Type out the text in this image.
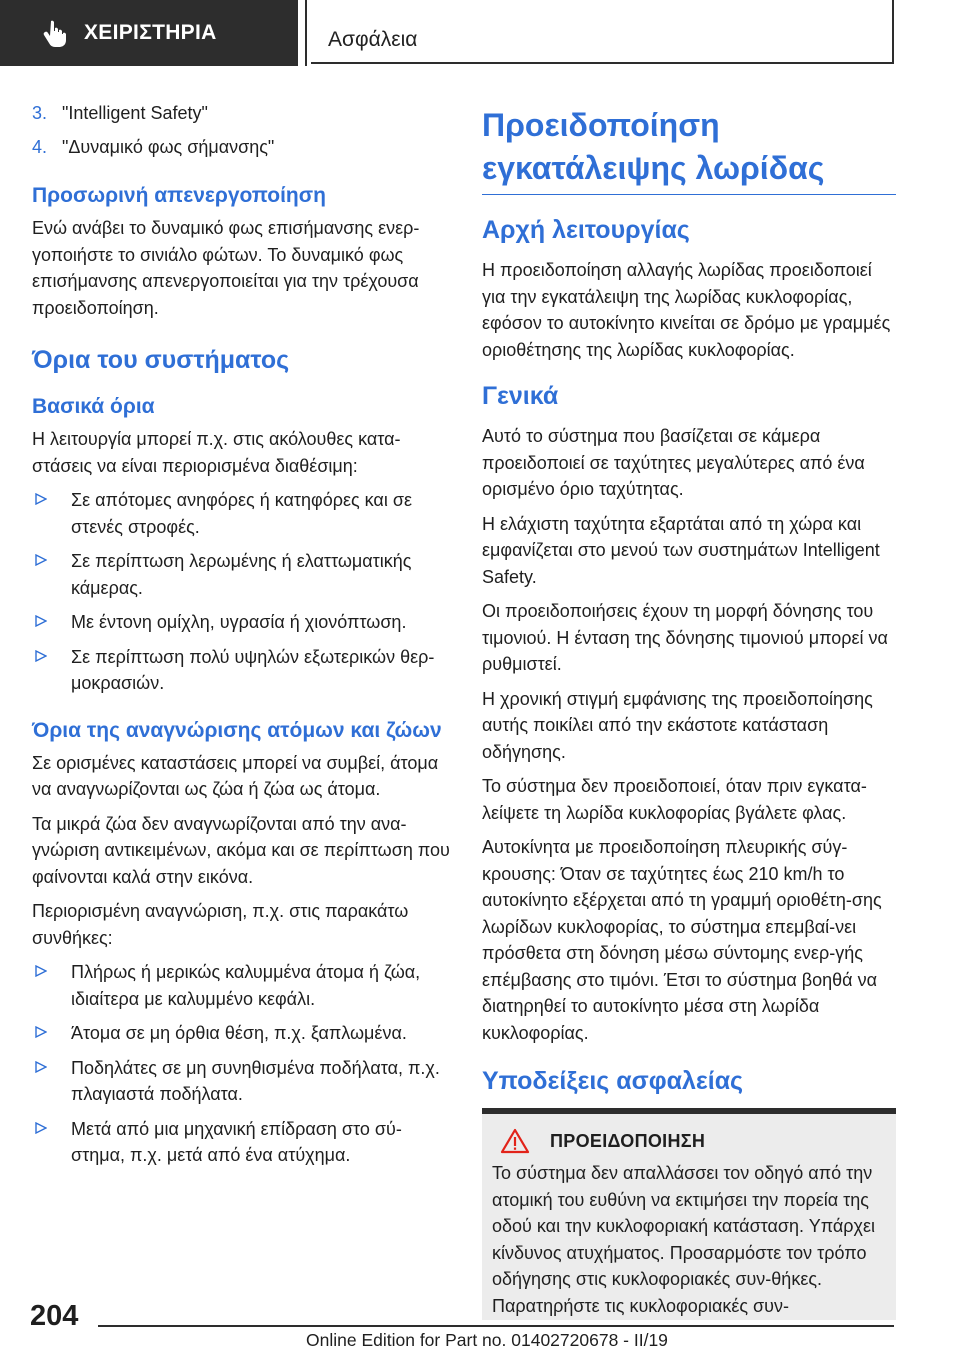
ΧΕΙΡΙΣΤΗΡΙΑ	Ασφάλεια
3. "Intelligent Safety"
4. "Δυναμικό φως σήμανσης"
Προσωρινή απενεργοποίηση

Ενώ ανάβει το δυναμικό φως επισήμανσης ενερ-γοποιήστε το σινιάλο φώτων. Το δυναμικό φως επισήμανσης απενεργοποιείται για την τρέχουσα προειδοποίηση.

Όρια του συστήματος
Βασικά όρια

Η λειτουργία μπορεί π.χ. στις ακόλουθες κατα-στάσεις να είναι περιορισμένα διαθέσιμη:

Σε απότομες ανηφόρες ή κατηφόρες και σε στενές στροφές.
Σε περίπτωση λερωμένης ή ελαττωματικής κάμερας.
Με έντονη ομίχλη, υγρασία ή χιονόπτωση.
Σε περίπτωση πολύ υψηλών εξωτερικών θερ-μοκρασιών.
Όρια της αναγνώρισης ατόμων και ζώων

Σε ορισμένες καταστάσεις μπορεί να συμβεί, άτομα να αναγνωρίζονται ως ζώα ή ζώα ως άτομα.

Τα μικρά ζώα δεν αναγνωρίζονται από την ανα-γνώριση αντικειμένων, ακόμα και σε περίπτωση που φαίνονται καλά στην εικόνα.

Περιορισμένη αναγνώριση, π.χ. στις παρακάτω συνθήκες:

Πλήρως ή μερικώς καλυμμένα άτομα ή ζώα, ιδιαίτερα με καλυμμένο κεφάλι.
Άτομα σε μη όρθια θέση, π.χ. ξαπλωμένα.
Ποδηλάτες σε μη συνηθισμένα ποδήλατα, π.χ. πλαγιαστά ποδήλατα.
Μετά από μια μηχανική επίδραση στο σύ-στημα, π.χ. μετά από ένα ατύχημα.
Προειδοποίηση εγκατάλειψης λωρίδας
Αρχή λειτουργίας

Η προειδοποίηση αλλαγής λωρίδας προειδοποιεί για την εγκατάλειψη της λωρίδας κυκλοφορίας, εφόσον το αυτοκίνητο κινείται σε δρόμο με γραμμές οριοθέτησης της λωρίδας κυκλοφορίας.

Γενικά

Αυτό το σύστημα που βασίζεται σε κάμερα προειδοποιεί σε ταχύτητες μεγαλύτερες από ένα ορισμένο όριο ταχύτητας.

Η ελάχιστη ταχύτητα εξαρτάται από τη χώρα και εμφανίζεται στο μενού των συστημάτων Intelligent Safety.

Οι προειδοποιήσεις έχουν τη μορφή δόνησης του τιμονιού. Η ένταση της δόνησης τιμονιού μπορεί να ρυθμιστεί.

Η χρονική στιγμή εμφάνισης της προειδοποίησης αυτής ποικίλει από την εκάστοτε κατάσταση οδήγησης.

Το σύστημα δεν προειδοποιεί, όταν πριν εγκατα-λείψετε τη λωρίδα κυκλοφορίας βγάλετε φλας.

Αυτοκίνητα με προειδοποίηση πλευρικής σύγ-κρουσης: Όταν σε ταχύτητες έως 210 km/h το αυτοκίνητο εξέρχεται από τη γραμμή οριοθέτη-σης λωρίδων κυκλοφορίας, το σύστημα επεμβαί-νει πρόσθετα στη δόνηση μέσω σύντομης ενερ-γής επέμβασης στο τιμόνι. Έτσι το σύστημα βοηθά να διατηρηθεί το αυτοκίνητο μέσα στη λωρίδα κυκλοφορίας.

Υποδείξεις ασφαλείας
ΠΡΟΕΙΔΟΠΟΙΗΣΗ

Το σύστημα δεν απαλλάσσει τον οδηγό από την ατομική του ευθύνη να εκτιμήσει την πορεία της οδού και την κυκλοφοριακή κατάσταση. Υπάρχει κίνδυνος ατυχήματος. Προσαρμόστε τον τρόπο οδήγησης στις κυκλοφοριακές συν-θήκες. Παρατηρήστε τις κυκλοφοριακές συν-

204
Online Edition for Part no. 01402720678 - II/19
